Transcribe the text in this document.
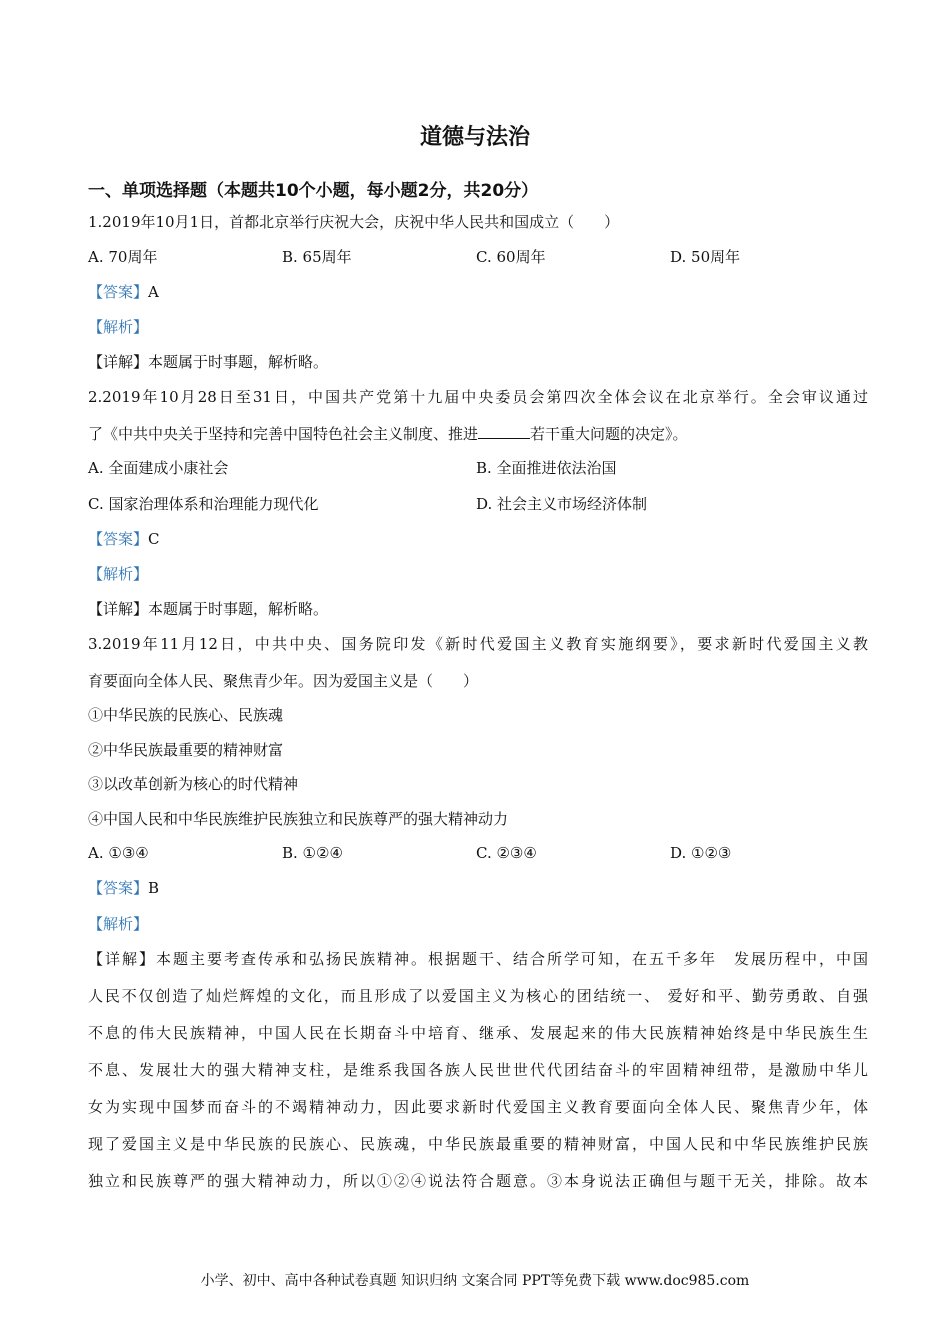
道德与法治
一、单项选择题（本题共10个小题，每小题2分，共20分）
1.2019年10月1日，首都北京举行庆祝大会，庆祝中华人民共和国成立（　　）
A. 70周年	B. 65周年	C. 60周年	D. 50周年
【答案】A
【解析】
【详解】本题属于时事题，解析略。
2.2019年10月28日至31日，中国共产党第十九届中央委员会第四次全体会议在北京举行。全会审议通过
了《中共中央关于坚持和完善中国特色社会主义制度、推进	若干重大问题的决定》。
A. 全面建成小康社会	B. 全面推进依法治国
C. 国家治理体系和治理能力现代化	D. 社会主义市场经济体制
【答案】C
【解析】
【详解】本题属于时事题，解析略。
3.2019年11月12日，中共中央、国务院印发《新时代爱国主义教育实施纲要》，要求新时代爱国主义教
育要面向全体人民、聚焦青少年。因为爱国主义是（　　）
①中华民族的民族心、民族魂
②中华民族最重要的精神财富
③以改革创新为核心的时代精神
④中国人民和中华民族维护民族独立和民族尊严的强大精神动力
A. ①③④	B. ①②④	C. ②③④	D. ①②③
【答案】B
【解析】
【详解】本题主要考查传承和弘扬民族精神。根据题干、结合所学可知，在五千多年　发展历程中，中国
人民不仅创造了灿烂辉煌的文化，而且形成了以爱国主义为核心的团结统一、 爱好和平、勤劳勇敢、自强
不息的伟大民族精神，中国人民在长期奋斗中培育、继承、发展起来的伟大民族精神始终是中华民族生生
不息、发展壮大的强大精神支柱，是维系我国各族人民世世代代团结奋斗的牢固精神纽带，是激励中华儿
女为实现中国梦而奋斗的不竭精神动力，因此要求新时代爱国主义教育要面向全体人民、聚焦青少年，体
现了爱国主义是中华民族的民族心、民族魂，中华民族最重要的精神财富，中国人民和中华民族维护民族
独立和民族尊严的强大精神动力，所以①②④说法符合题意。③本身说法正确但与题干无关，排除。故本
小学、初中、高中各种试卷真题 知识归纳 文案合同 PPT等免费下载 www.doc985.com
